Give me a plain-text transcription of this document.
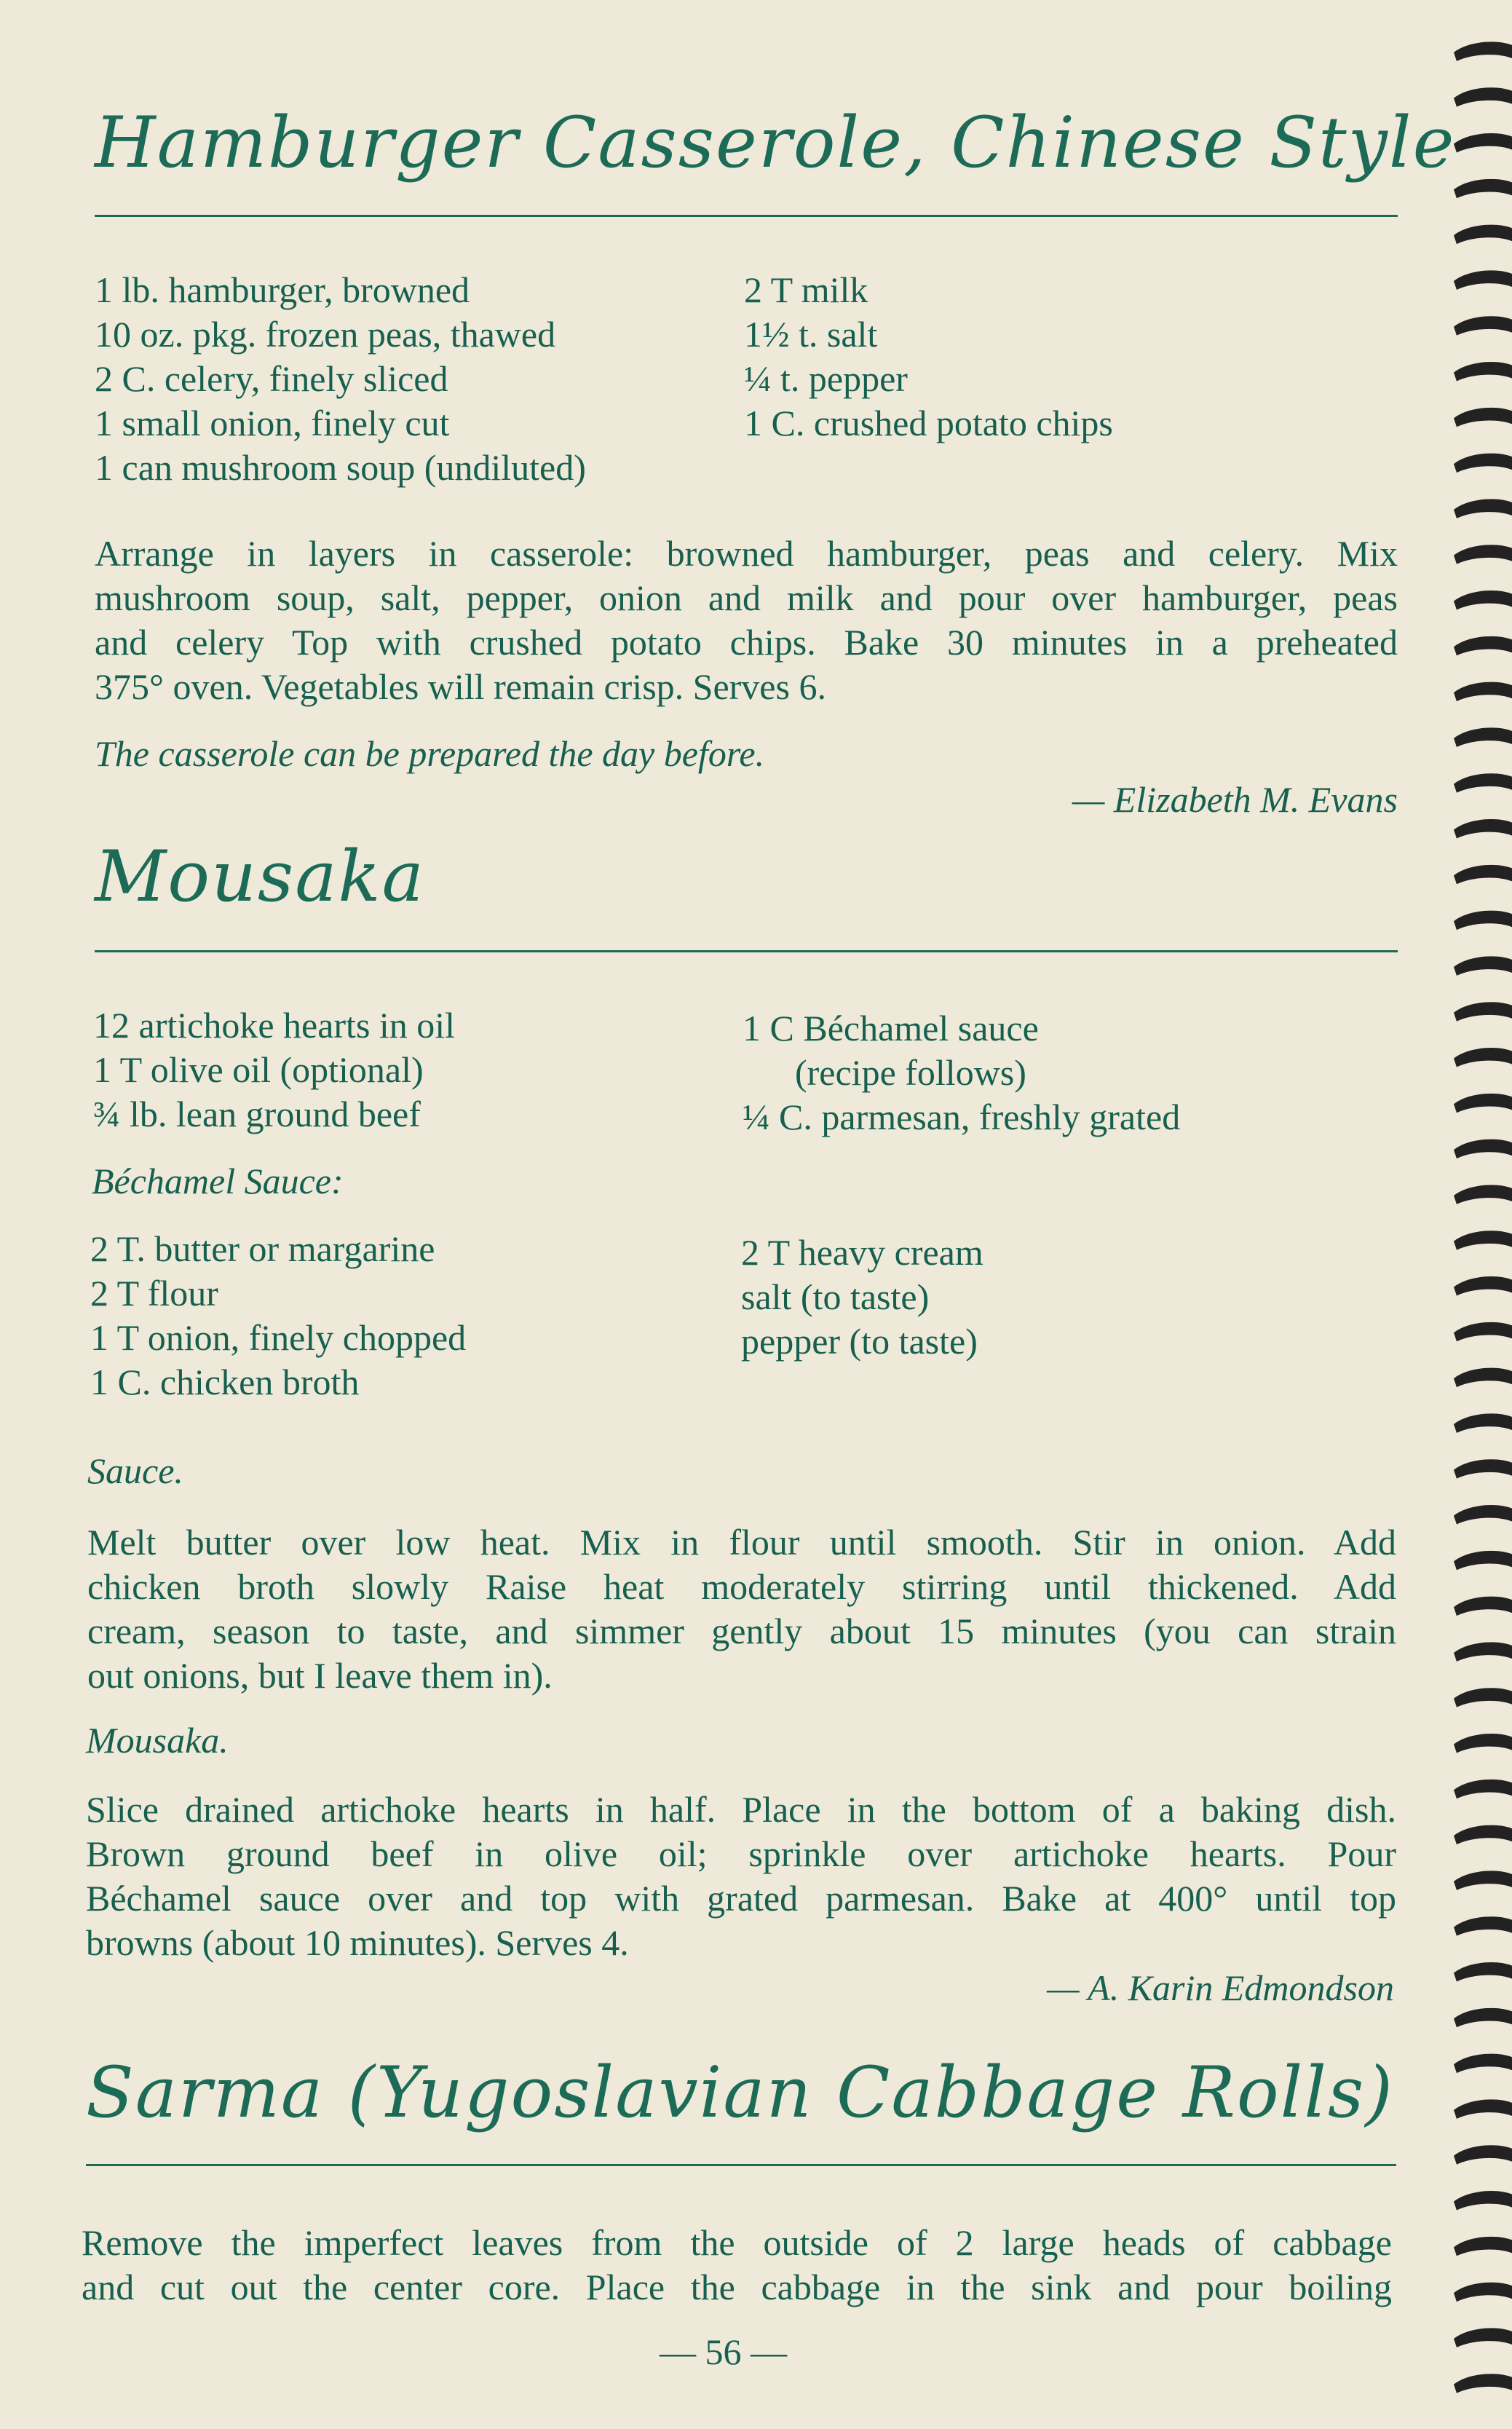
Hamburger Casserole, Chinese Style
1 lb. hamburger, browned
10 oz. pkg. frozen peas, thawed
2 C. celery, finely sliced
1 small onion, finely cut
1 can mushroom soup (undiluted)
2 T milk
1½ t. salt
¼ t. pepper
1 C. crushed potato chips
Arrange in layers in casserole: browned hamburger, peas and celery. Mix
mushroom soup, salt, pepper, onion and milk and pour over hamburger, peas
and celery Top with crushed potato chips. Bake 30 minutes in a preheated
375° oven. Vegetables will remain crisp. Serves 6.
The casserole can be prepared the day before.
— Elizabeth M. Evans
Mousaka
12 artichoke hearts in oil
1 T olive oil (optional)
¾ lb. lean ground beef
1 C Béchamel sauce
(recipe follows)
¼ C. parmesan, freshly grated
Béchamel Sauce:
2 T. butter or margarine
2 T flour
1 T onion, finely chopped
1 C. chicken broth
2 T heavy cream
salt (to taste)
pepper (to taste)
Sauce.
Melt butter over low heat. Mix in flour until smooth. Stir in onion. Add
chicken broth slowly Raise heat moderately stirring until thickened. Add
cream, season to taste, and simmer gently about 15 minutes (you can strain
out onions, but I leave them in).
Mousaka.
Slice drained artichoke hearts in half. Place in the bottom of a baking dish.
Brown ground beef in olive oil; sprinkle over artichoke hearts. Pour
Béchamel sauce over and top with grated parmesan. Bake at 400° until top
browns (about 10 minutes). Serves 4.
— A. Karin Edmondson
Sarma (Yugoslavian Cabbage Rolls)
Remove the imperfect leaves from the outside of 2 large heads of cabbage
and cut out the center core. Place the cabbage in the sink and pour boiling
— 56 —
